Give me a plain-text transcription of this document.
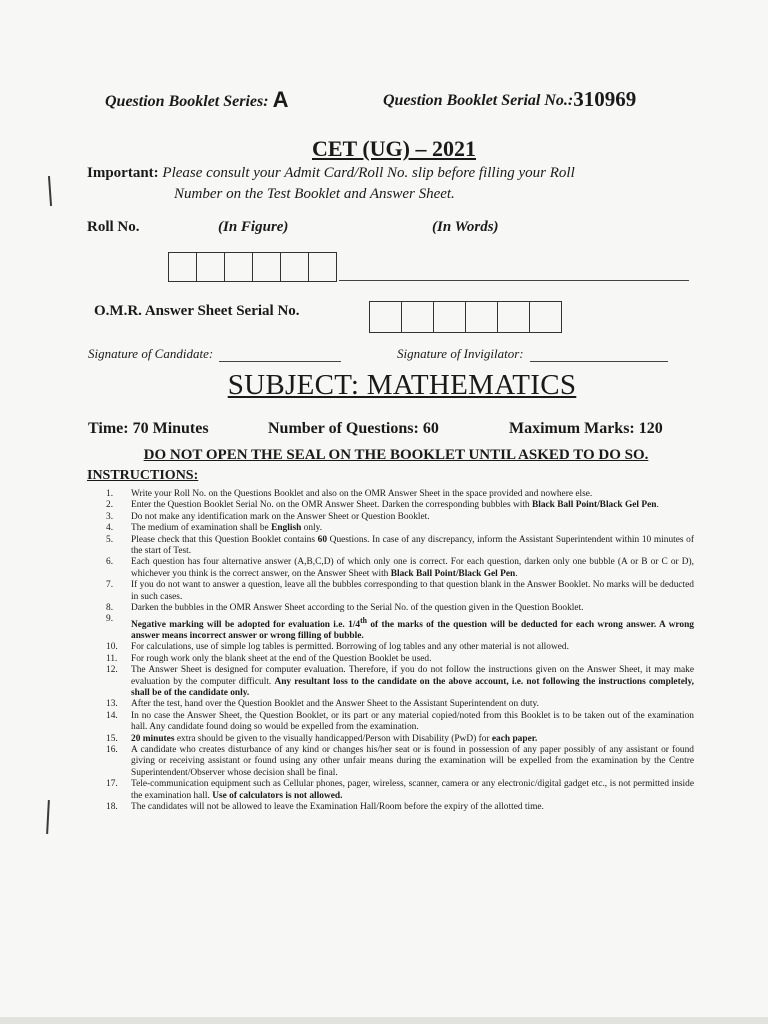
Question Booklet Series: A	Question Booklet Serial No.:310969
CET (UG) – 2021
Important: Please consult your Admit Card/Roll No. slip before filling your Roll
Number on the Test Booklet and Answer Sheet.
Roll No.	(In Figure)	(In Words)
O.M.R. Answer Sheet Serial No.
Signature of Candidate:	Signature of Invigilator:
SUBJECT: MATHEMATICS
Time: 70 Minutes	Number of Questions: 60	Maximum Marks: 120
DO NOT OPEN THE SEAL ON THE BOOKLET UNTIL ASKED TO DO SO.
INSTRUCTIONS:
1. Write your Roll No. on the Questions Booklet and also on the OMR Answer Sheet in the space provided and nowhere else.
2. Enter the Question Booklet Serial No. on the OMR Answer Sheet. Darken the corresponding bubbles with Black Ball Point/Black Gel Pen.
3. Do not make any identification mark on the Answer Sheet or Question Booklet.
4. The medium of examination shall be English only.
5. Please check that this Question Booklet contains 60 Questions. In case of any discrepancy, inform the Assistant Superintendent within 10 minutes of the start of Test.
6. Each question has four alternative answer (A,B,C,D) of which only one is correct. For each question, darken only one bubble (A or B or C or D), whichever you think is the correct answer, on the Answer Sheet with Black Ball Point/Black Gel Pen.
7. If you do not want to answer a question, leave all the bubbles corresponding to that question blank in the Answer Booklet. No marks will be deducted in such cases.
8. Darken the bubbles in the OMR Answer Sheet according to the Serial No. of the question given in the Question Booklet.
9.
Negative marking will be adopted for evaluation i.e. 1/4th of the marks of the question will be deducted for each wrong answer. A wrong answer means incorrect answer or wrong filling of bubble.
10. For calculations, use of simple log tables is permitted. Borrowing of log tables and any other material is not allowed.
11. For rough work only the blank sheet at the end of the Question Booklet be used.
12. The Answer Sheet is designed for computer evaluation. Therefore, if you do not follow the instructions given on the Answer Sheet, it may make evaluation by the computer difficult. Any resultant loss to the candidate on the above account, i.e. not following the instructions completely, shall be of the candidate only.
13. After the test, hand over the Question Booklet and the Answer Sheet to the Assistant Superintendent on duty.
14. In no case the Answer Sheet, the Question Booklet, or its part or any material copied/noted from this Booklet is to be taken out of the examination hall. Any candidate found doing so would be expelled from the examination.
15. 20 minutes extra should be given to the visually handicapped/Person with Disability (PwD) for each paper.
16. A candidate who creates disturbance of any kind or changes his/her seat or is found in possession of any paper possibly of any assistant or found giving or receiving assistant or found using any other unfair means during the examination will be expelled from the examination by the Centre Superintendent/Observer whose decision shall be final.
17. Tele-communication equipment such as Cellular phones, pager, wireless, scanner, camera or any electronic/digital gadget etc., is not permitted inside the examination hall. Use of calculators is not allowed.
18. The candidates will not be allowed to leave the Examination Hall/Room before the expiry of the allotted time.
